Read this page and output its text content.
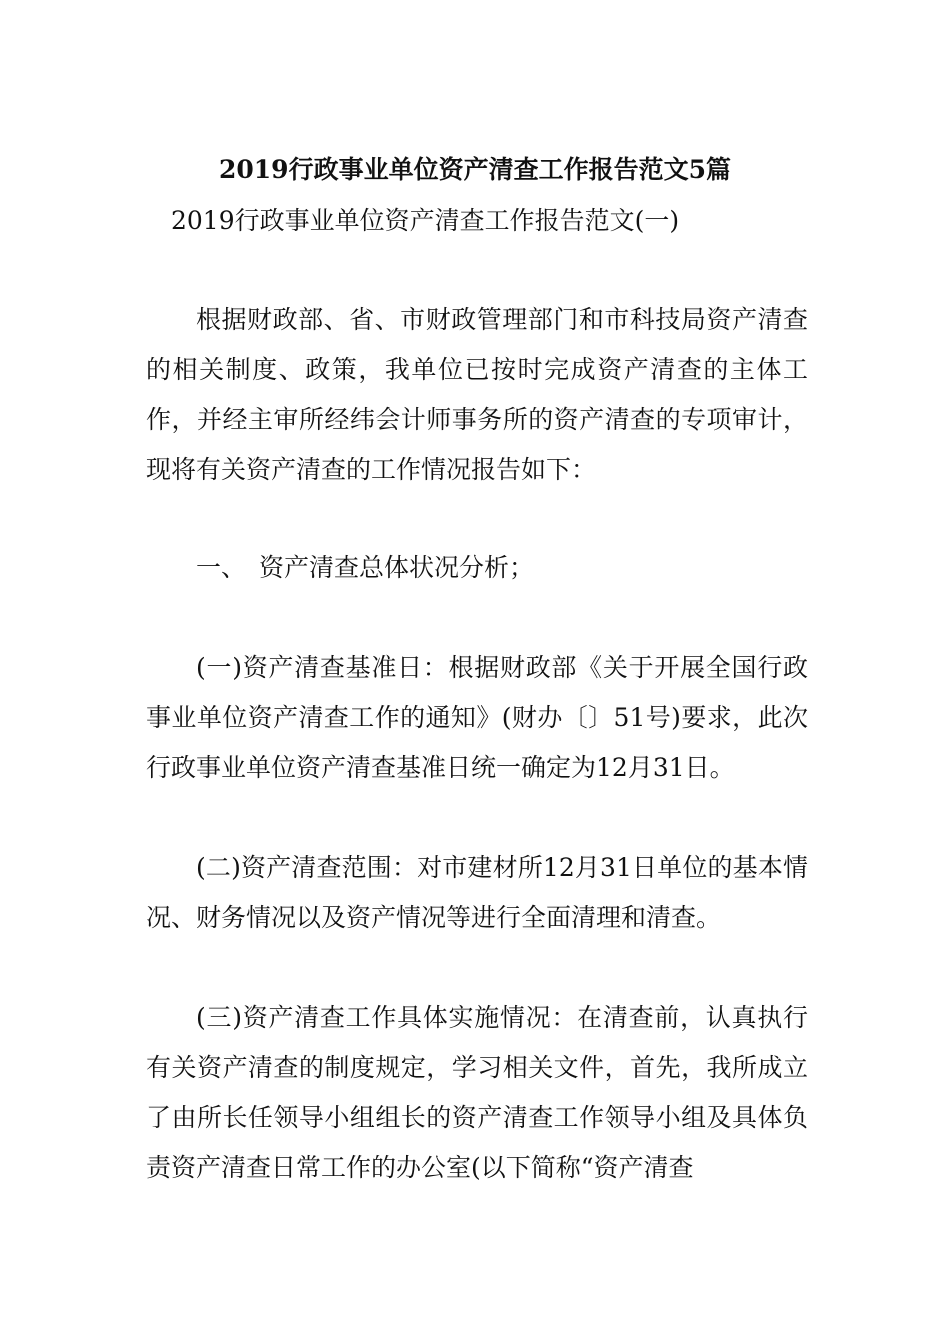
2019行政事业单位资产清查工作报告范文5篇
2019行政事业单位资产清查工作报告范文(一)

根据财政部、省、市财政管理部门和市科技局资产清查的相关制度、政策，我单位已按时完成资产清查的主体工作，并经主审所经纬会计师事务所的资产清查的专项审计，现将有关资产清查的工作情况报告如下：

一、 资产清查总体状况分析；

(一)资产清查基准日：根据财政部《关于开展全国行政事业单位资产清查工作的通知》(财办〔〕51号)要求，此次行政事业单位资产清查基准日统一确定为12月31日。

(二)资产清查范围：对市建材所12月31日单位的基本情况、财务情况以及资产情况等进行全面清理和清查。

(三)资产清查工作具体实施情况：在清查前，认真执行有关资产清查的制度规定，学习相关文件，首先，我所成立了由所长任领导小组组长的资产清查工作领导小组及具体负责资产清查日常工作的办公室(以下简称“资产清查
